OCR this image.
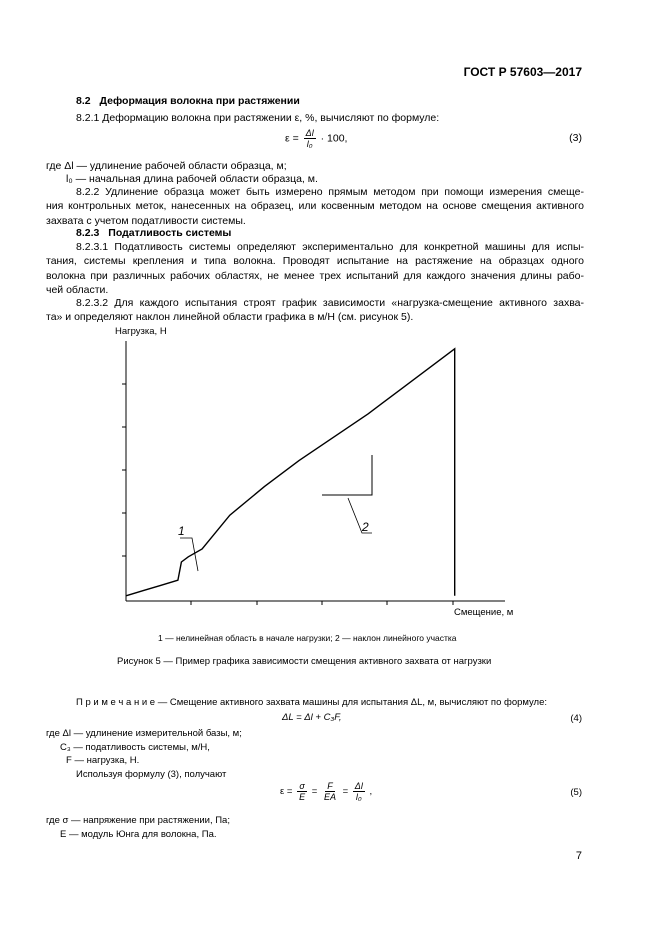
ГОСТ Р 57603—2017
8.2 Деформация волокна при растяжении
8.2.1 Деформацию волокна при растяжении ε, %, вычисляют по формуле:
$\varepsilon = \frac{\Delta l}{\text{l₀}} \cdot 100$,	(3)
где Δl — удлинение рабочей области образца, м;
l₀ — начальная длина рабочей области образца, м.
8.2.2 Удлинение образца может быть измерено прямым методом при помощи измерения смеще-
ния контрольных меток, нанесенных на образец, или косвенным методом на основе смещения активного
захвата с учетом податливости системы.
8.2.3 Податливость системы
8.2.3.1 Податливость системы определяют экспериментально для конкретной машины для испы-
тания, системы крепления и типа волокна. Проводят испытание на растяжение на образцах одного
волокна при различных рабочих областях, не менее трех испытаний для каждого значения длины рабо-
чей области.
8.2.3.2 Для каждого испытания строят график зависимости «нагрузка-смещение активного захва-
та» и определяют наклон линейной области графика в м/Н (см. рисунок 5).
Нагрузка, Н
1	2
Смещение, м
1 — нелинейная область в начале нагрузки; 2 — наклон линейного участка
Рисунок 5 — Пример графика зависимости смещения активного захвата от нагрузки
П р и м е ч а н и е — Смещение активного захвата машины для испытания ΔL, м, вычисляют по формуле:
ΔL = Δl + C₃F,	(4)
где Δl — удлинение измерительной базы, м;
C₃ — податливость системы, м/Н,
F — нагрузка, Н.
Используя формулу (3), получают
$\varepsilon = \frac{\sigma}{E} = \frac{F}{EA} = \frac{\Delta l}{\text{l₀}}$ ,	(5)
где σ — напряжение при растяжении, Па;
E — модуль Юнга для волокна, Па.
7
